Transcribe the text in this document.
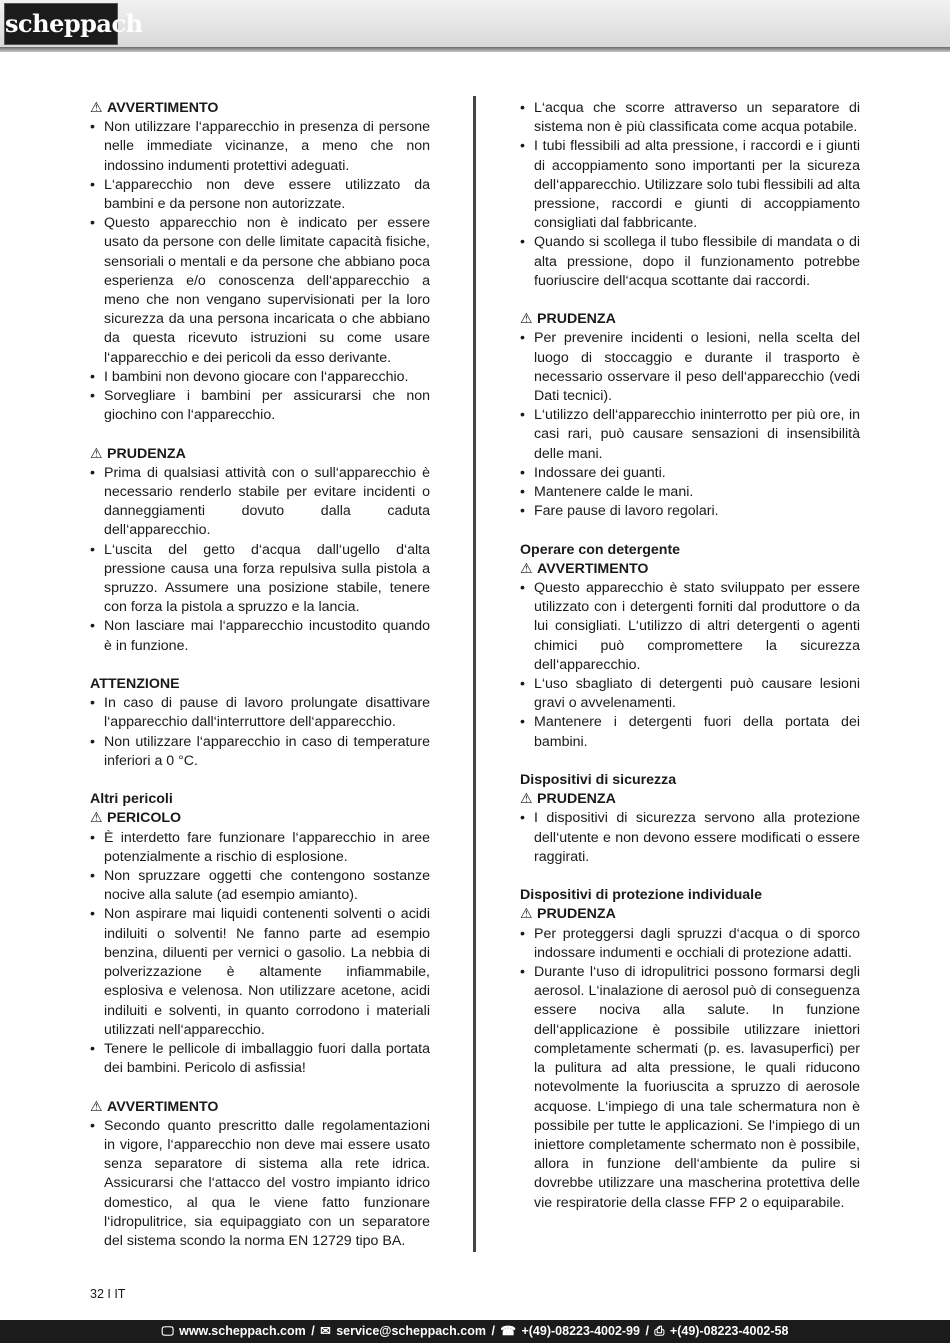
scheppach

⚠ AVVERTIMENTO

• Non utilizzare l‘apparecchio in presenza di persone nelle immediate vicinanze, a meno che non indossino indumenti protettivi adeguati.
• L‘apparecchio non deve essere utilizzato da bambini e da persone non autorizzate.
• Questo apparecchio non è indicato per essere usato da persone con delle limitate capacità fisiche, sensoriali o mentali e da persone che abbiano poca esperienza e/o conoscenza dell‘apparecchio a meno che non vengano supervisionati per la loro sicurezza da una persona incaricata o che abbiano da questa ricevuto istruzioni su come usare l‘apparecchio e dei pericoli da esso derivante.
• I bambini non devono giocare con l‘apparecchio.
• Sorvegliare i bambini per assicurarsi che non giochino con l‘apparecchio.

⚠ PRUDENZA

• Prima di qualsiasi attività con o sull‘apparecchio è necessario renderlo stabile per evitare incidenti o danneggiamenti dovuto dalla caduta dell‘apparecchio.
• L‘uscita del getto d‘acqua dall‘ugello d‘alta pressione causa una forza repulsiva sulla pistola a spruzzo. Assumere una posizione stabile, tenere con forza la pistola a spruzzo e la lancia.
• Non lasciare mai l‘apparecchio incustodito quando è in funzione.

ATTENZIONE

• In caso di pause di lavoro prolungate disattivare l‘apparecchio dall‘interruttore dell‘apparecchio.
• Non utilizzare l‘apparecchio in caso di temperature inferiori a 0 °C.

Altri pericoli

⚠ PERICOLO

• È interdetto fare funzionare l‘apparecchio in aree potenzialmente a rischio di esplosione.
• Non spruzzare oggetti che contengono sostanze nocive alla salute (ad esempio amianto).
• Non aspirare mai liquidi contenenti solventi o acidi indiluiti o solventi! Ne fanno parte ad esempio benzina, diluenti per vernici o gasolio. La nebbia di polverizzazione è altamente infiammabile, esplosiva e velenosa. Non utilizzare acetone, acidi indiluiti e solventi, in quanto corrodono i materiali utilizzati nell‘apparecchio.
• Tenere le pellicole di imballaggio fuori dalla portata dei bambini. Pericolo di asfissia!

⚠ AVVERTIMENTO

• Secondo quanto prescritto dalle regolamentazioni in vigore, l‘apparecchio non deve mai essere usato senza separatore di sistema alla rete idrica. Assicurarsi che l‘attacco del vostro impianto idrico domestico, al qua le viene fatto funzionare l‘idropulitrice, sia equipaggiato con un separatore del sistema scondo la norma EN 12729 tipo BA.
• L‘acqua che scorre attraverso un separatore di sistema non è più classificata come acqua potabile.
• I tubi flessibili ad alta pressione, i raccordi e i giunti di accoppiamento sono importanti per la sicureza dell‘apparecchio. Utilizzare solo tubi flessibili ad alta pressione, raccordi e giunti di accoppiamento consigliati dal fabbricante.
• Quando si scollega il tubo flessibile di mandata o di alta pressione, dopo il funzionamento potrebbe fuoriuscire dell‘acqua scottante dai raccordi.

⚠ PRUDENZA

• Per prevenire incidenti o lesioni, nella scelta del luogo di stoccaggio e durante il trasporto è necessario osservare il peso dell‘apparecchio (vedi Dati tecnici).
• L‘utilizzo dell‘apparecchio ininterrotto per più ore, in casi rari, può causare sensazioni di insensibilità delle mani.
• Indossare dei guanti.
• Mantenere calde le mani.
• Fare pause di lavoro regolari.

Operare con detergente

⚠ AVVERTIMENTO

• Questo apparecchio è stato sviluppato per essere utilizzato con i detergenti forniti dal produttore o da lui consigliati. L‘utilizzo di altri detergenti o agenti chimici può compromettere la sicurezza dell‘apparecchio.
• L‘uso sbagliato di detergenti può causare lesioni gravi o avvelenamenti.
• Mantenere i detergenti fuori della portata dei bambini.

Dispositivi di sicurezza

⚠ PRUDENZA

• I dispositivi di sicurezza servono alla protezione dell‘utente e non devono essere modificati o essere raggirati.

Dispositivi di protezione individuale

⚠ PRUDENZA

• Per proteggersi dagli spruzzi d‘acqua o di sporco indossare indumenti e occhiali di protezione adatti.
• Durante l‘uso di idropulitrici possono formarsi degli aerosol. L‘inalazione di aerosol può di conseguenza essere nociva alla salute. In funzione dell‘applicazione è possibile utilizzare iniettori completamente schermati (p. es. lavasuperfici) per la pulitura ad alta pressione, le quali riducono notevolmente la fuoriuscita a spruzzo di aerosole acquose. L‘impiego di una tale schermatura non è possibile per tutte le applicazioni. Se l‘impiego di un iniettore completamente schermato non è possibile, allora in funzione dell‘ambiente da pulire si dovrebbe utilizzare una mascherina protettiva delle vie respiratorie della classe FFP 2 o equiparabile.
32 I IT
🖵 www.scheppach.com / ✉ service@scheppach.com / ☎ +(49)-08223-4002-99 / ⎙ +(49)-08223-4002-58
